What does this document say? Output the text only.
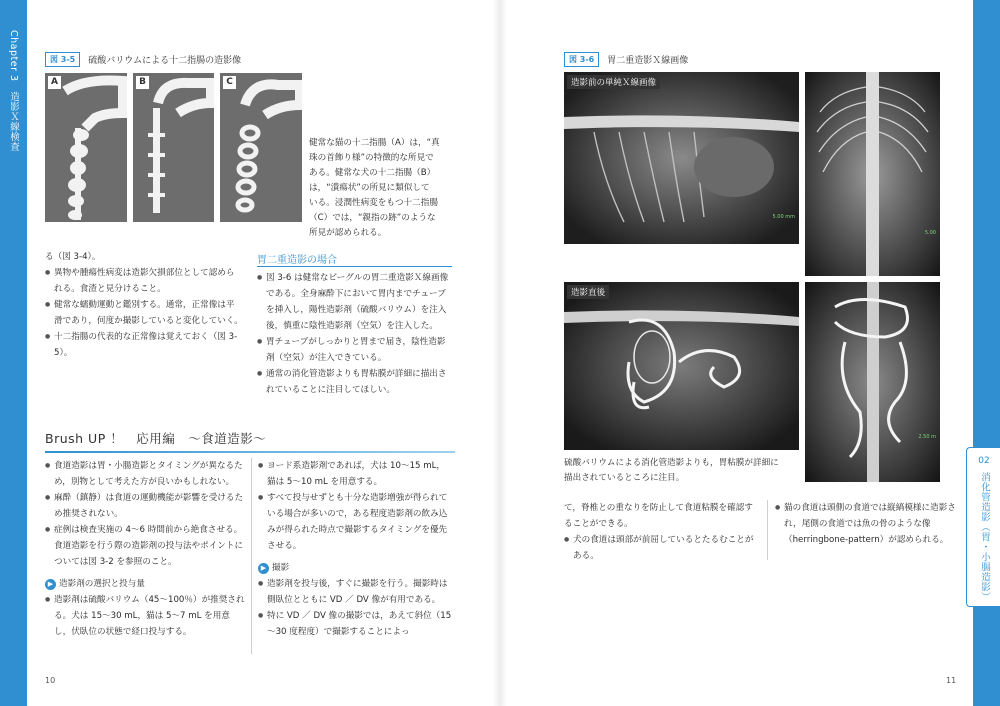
Chapter 3　造影Ｘ線検査
02
消化管造影（胃・小腸造影）
図 3-5	硫酸バリウムによる十二指腸の造影像
A	B	C
健常な猫の十二指腸（A）は，“真
珠の首飾り様”の特徴的な所見で
ある。健常な犬の十二指腸（B）
は，“潰瘍状”の所見に類似して
いる。浸潤性病変をもつ十二指腸
（C）では，“親指の跡”のような
所見が認められる。

る（図 3-4）。

● 異物や腫瘍性病変は造影欠損部位として認められる。食渣と見分けること。

● 健常な蠕動運動と鑑別する。通常，正常像は平滑であり，何度か撮影していると変化していく。

● 十二指腸の代表的な正常像は覚えておく（図 3-5）。

胃二重造影の場合

● 図 3-6 は健常なビーグルの胃二重造影Ｘ線画像である。全身麻酔下において胃内までチューブを挿入し，陽性造影剤（硫酸バリウム）を注入後，慎重に陰性造影剤（空気）を注入した。

● 胃チューブがしっかりと胃まで届き，陰性造影剤（空気）が注入できている。

● 通常の消化管造影よりも胃粘膜が詳細に描出されていることに注目してほしい。

Brush UP ！　応用編　～食道造影～

● 食道造影は胃・小腸造影とタイミングが異なるため，別物として考えた方が良いかもしれない。

● 麻酔（鎮静）は食道の運動機能が影響を受けるため推奨されない。

● 症例は検査実施の 4～6 時間前から絶食させる。食道造影を行う際の造影剤の投与法やポイントについては図 3-2 を参照のこと。

▶ 造影剤の選択と投与量

● 造影剤は硫酸バリウム（45～100％）が推奨される。犬は 15～30 mL，猫は 5～7 mL を用意し，伏臥位の状態で経口投与する。

● ヨード系造影剤であれば，犬は 10～15 mL，猫は 5～10 mL を用意する。

● すべて投与せずとも十分な造影増強が得られている場合が多いので，ある程度造影剤の飲み込みが得られた時点で撮影するタイミングを優先させる。

▶ 撮影

● 造影剤を投与後，すぐに撮影を行う。撮影時は側臥位とともに VD ／ DV 像が有用である。

● 特に VD ／ DV 像の撮影では，あえて斜位（15～30 度程度）で撮影することによっ

10
図 3-6	胃二重造影Ｘ線画像
造影前の単純Ｘ線画像
5.00 mm
5.00
造影直後
2.50 m
硫酸バリウムによる消化管造影よりも，胃粘膜が詳細に
描出されているところに注目。

て，脊椎との重なりを防止して食道粘膜を確認することができる。

● 犬の食道は頭部が前屈しているとたるむことがある。

● 猫の食道は頭側の食道では縦縞模様に造影され，尾側の食道では魚の骨のような像（herringbone-pattern）が認められる。

11
